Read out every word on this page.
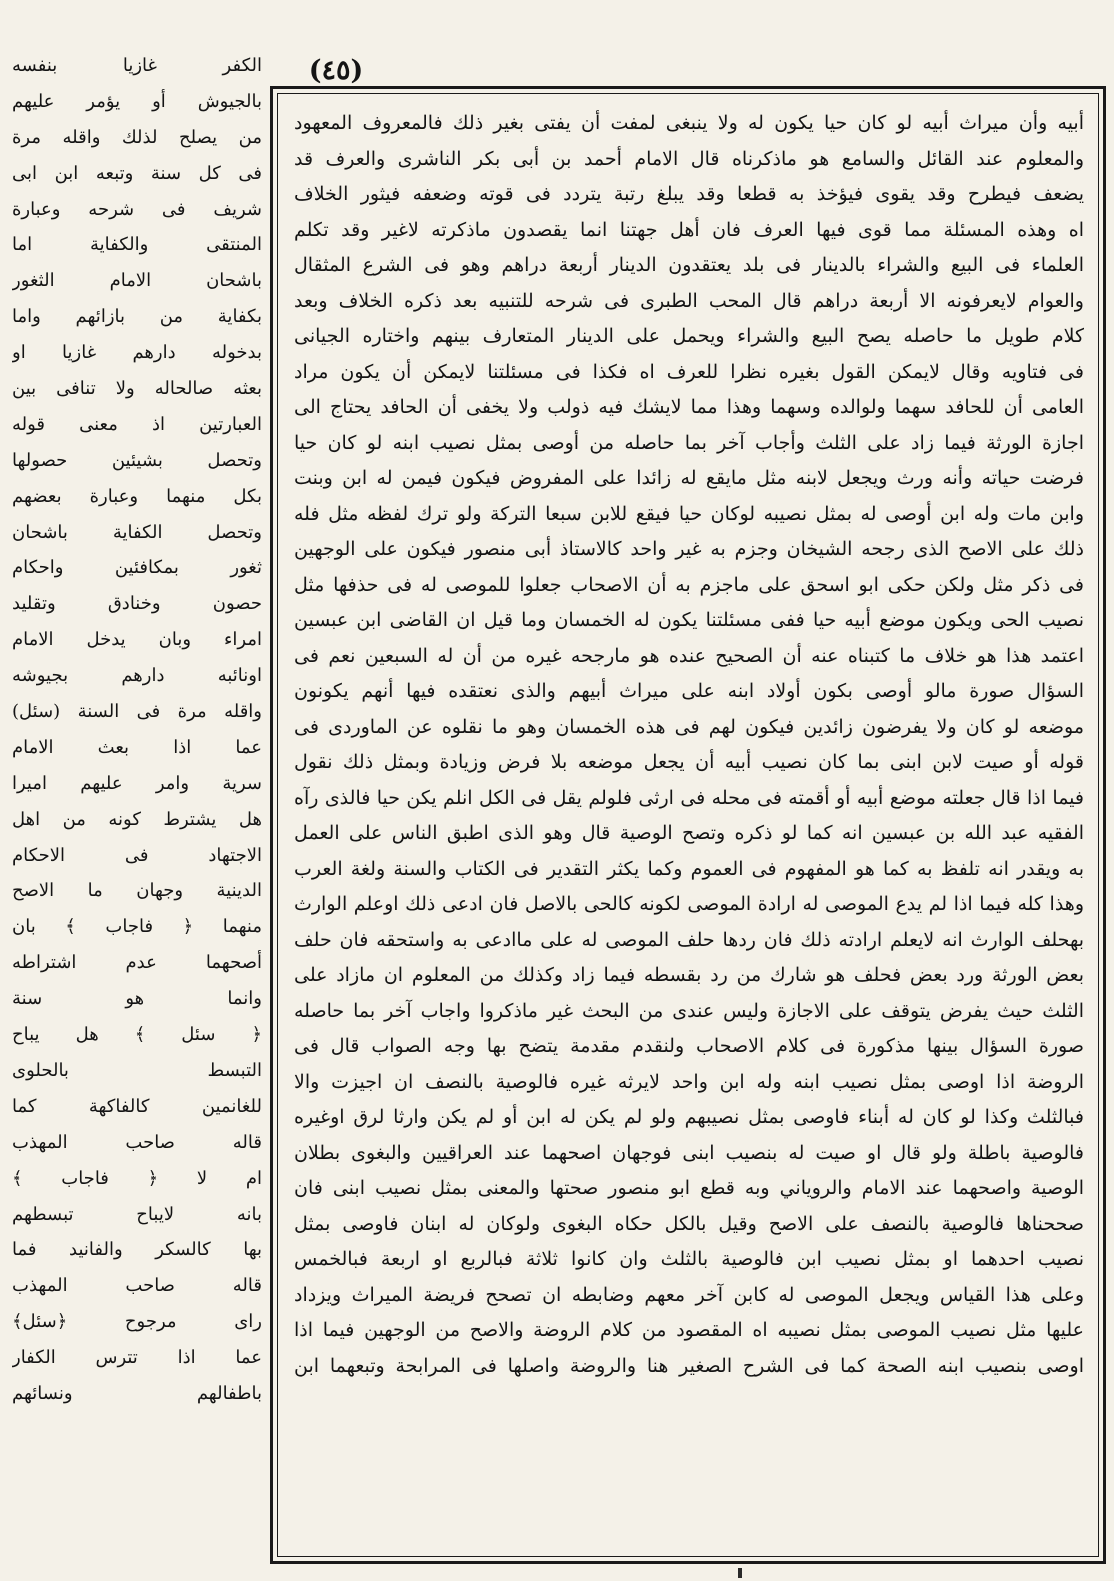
(٤٥)
الكفر غازيا بنفسه
بالجيوش أو يؤمر عليهم
من يصلح لذلك واقله مرة
فى كل سنة وتبعه ابن ابى
شريف فى شرحه وعبارة
المنتقى والكفاية اما
باشحان الامام الثغور
بكفاية من بازائهم واما
بدخوله دارهم غازيا او
بعثه صالحاله ولا تنافى بين
العبارتين اذ معنى قوله
وتحصل بشيئين حصولها
بكل منهما وعبارة بعضهم
وتحصل الكفاية باشحان
ثغور بمكافئين واحكام
حصون وخنادق وتقليد
امراء وبان يدخل الامام
اونائبه دارهم بجيوشه
واقله مرة فى السنة (سئل)
عما اذا بعث الامام
سرية وامر عليهم اميرا
هل يشترط كونه من اهل
الاجتهاد فى الاحكام
الدينية وجهان ما الاصح
منهما ﴿ فاجاب ﴾ بان
أصحهما عدم اشتراطه
وانما هو سنة
﴿ سئل ﴾ هل يباح
التبسط بالحلوى
للغانمين كالفاكهة كما
قاله صاحب المهذب
ام لا ﴿ فاجاب ﴾
بانه لايباح تبسطهم
بها كالسكر والفانيد فما
قاله صاحب المهذب
راى مرجوح ﴿سئل﴾
عما اذا تترس الكفار
باطفالهم ونسائهم
أبيه وأن ميراث أبيه لو كان حيا يكون له ولا ينبغى لمفت أن يفتى بغير ذلك فالمعروف المعهود
والمعلوم عند القائل والسامع هو ماذكرناه قال الامام أحمد بن أبى بكر الناشرى والعرف قد
يضعف فيطرح وقد يقوى فيؤخذ به قطعا وقد يبلغ رتبة يتردد فى قوته وضعفه فيثور الخلاف
اه وهذه المسئلة مما قوى فيها العرف فان أهل جهتنا انما يقصدون ماذكرته لاغير وقد تكلم
العلماء فى البيع والشراء بالدينار فى بلد يعتقدون الدينار أربعة دراهم وهو فى الشرع المثقال
والعوام لايعرفونه الا أربعة دراهم قال المحب الطبرى فى شرحه للتنبيه بعد ذكره الخلاف وبعد
كلام طويل ما حاصله يصح البيع والشراء ويحمل على الدينار المتعارف بينهم واختاره الجيانى
فى فتاويه وقال لايمكن القول بغيره نظرا للعرف اه فكذا فى مسئلتنا لايمكن أن يكون مراد
العامى أن للحافد سهما ولوالده وسهما وهذا مما لايشك فيه ذولب ولا يخفى أن الحافد يحتاج الى
اجازة الورثة فيما زاد على الثلث وأجاب آخر بما حاصله من أوصى بمثل نصيب ابنه لو كان حيا
فرضت حياته وأنه ورث ويجعل لابنه مثل مايقع له زائدا على المفروض فيكون فيمن له ابن وبنت
وابن مات وله ابن أوصى له بمثل نصيبه لوكان حيا فيقع للابن سبعا التركة ولو ترك لفظه مثل فله
ذلك على الاصح الذى رجحه الشيخان وجزم به غير واحد كالاستاذ أبى منصور فيكون على الوجهين
فى ذكر مثل ولكن حكى ابو اسحق على ماجزم به أن الاصحاب جعلوا للموصى له فى حذفها مثل
نصيب الحى ويكون موضع أبيه حيا ففى مسئلتنا يكون له الخمسان وما قيل ان القاضى ابن عبسين
اعتمد هذا هو خلاف ما كتبناه عنه أن الصحيح عنده هو مارجحه غيره من أن له السبعين نعم فى
السؤال صورة مالو أوصى بكون أولاد ابنه على ميراث أبيهم والذى نعتقده فيها أنهم يكونون
موضعه لو كان ولا يفرضون زائدين فيكون لهم فى هذه الخمسان وهو ما نقلوه عن الماوردى فى
قوله أو صيت لابن ابنى بما كان نصيب أبيه أن يجعل موضعه بلا فرض وزيادة وبمثل ذلك نقول
فيما اذا قال جعلته موضع أبيه أو أقمته فى محله فى ارثى فلولم يقل فى الكل انلم يكن حيا فالذى رآه
الفقيه عبد الله بن عبسين انه كما لو ذكره وتصح الوصية قال وهو الذى اطبق الناس على العمل
به ويقدر انه تلفظ به كما هو المفهوم فى العموم وكما يكثر التقدير فى الكتاب والسنة ولغة العرب
وهذا كله فيما اذا لم يدع الموصى له ارادة الموصى لكونه كالحى بالاصل فان ادعى ذلك اوعلم الوارث
بهحلف الوارث انه لايعلم ارادته ذلك فان ردها حلف الموصى له على ماادعى به واستحقه فان حلف
بعض الورثة ورد بعض فحلف هو شارك من رد بقسطه فيما زاد وكذلك من المعلوم ان مازاد على
الثلث حيث يفرض يتوقف على الاجازة وليس عندى من البحث غير ماذكروا واجاب آخر بما حاصله
صورة السؤال بينها مذكورة فى كلام الاصحاب ولنقدم مقدمة يتضح بها وجه الصواب قال فى
الروضة اذا اوصى بمثل نصيب ابنه وله ابن واحد لايرثه غيره فالوصية بالنصف ان اجيزت والا
فبالثلث وكذا لو كان له أبناء فاوصى بمثل نصيبهم ولو لم يكن له ابن أو لم يكن وارثا لرق اوغيره
فالوصية باطلة ولو قال او صيت له بنصيب ابنى فوجهان اصحهما عند العراقيين والبغوى بطلان
الوصية واصحهما عند الامام والروياني وبه قطع ابو منصور صحتها والمعنى بمثل نصيب ابنى فان
صححناها فالوصية بالنصف على الاصح وقيل بالكل حكاه البغوى ولوكان له ابنان فاوصى بمثل
نصيب احدهما او بمثل نصيب ابن فالوصية بالثلث وان كانوا ثلاثة فبالربع او اربعة فبالخمس
وعلى هذا القياس ويجعل الموصى له كابن آخر معهم وضابطه ان تصحح فريضة الميراث ويزداد
عليها مثل نصيب الموصى بمثل نصيبه اه المقصود من كلام الروضة والاصح من الوجهين فيما اذا
اوصى بنصيب ابنه الصحة كما فى الشرح الصغير هنا والروضة واصلها فى المرابحة وتبعهما ابن
